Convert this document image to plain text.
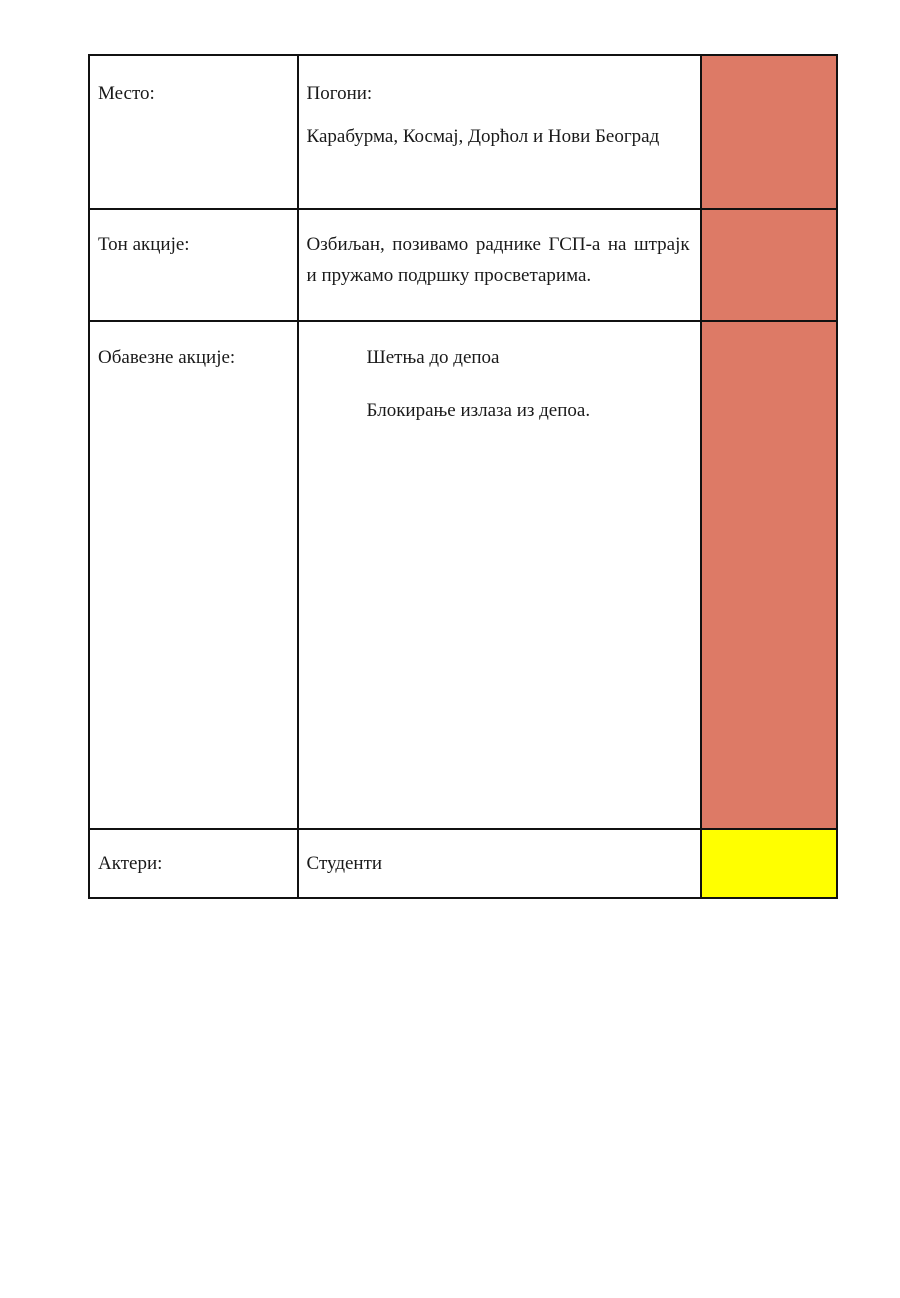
Место:	Погони:

Карабурма, Космај, Дорћол и Нови Београд	

Тон акције:	Озбиљан, позивамо раднике ГСП-а на штрајк и пружамо подршку просветарима.	
Обавезне акције:	Шетња до депоа

Блокирање излаза из депоа.	

Актери:	Студенти	
